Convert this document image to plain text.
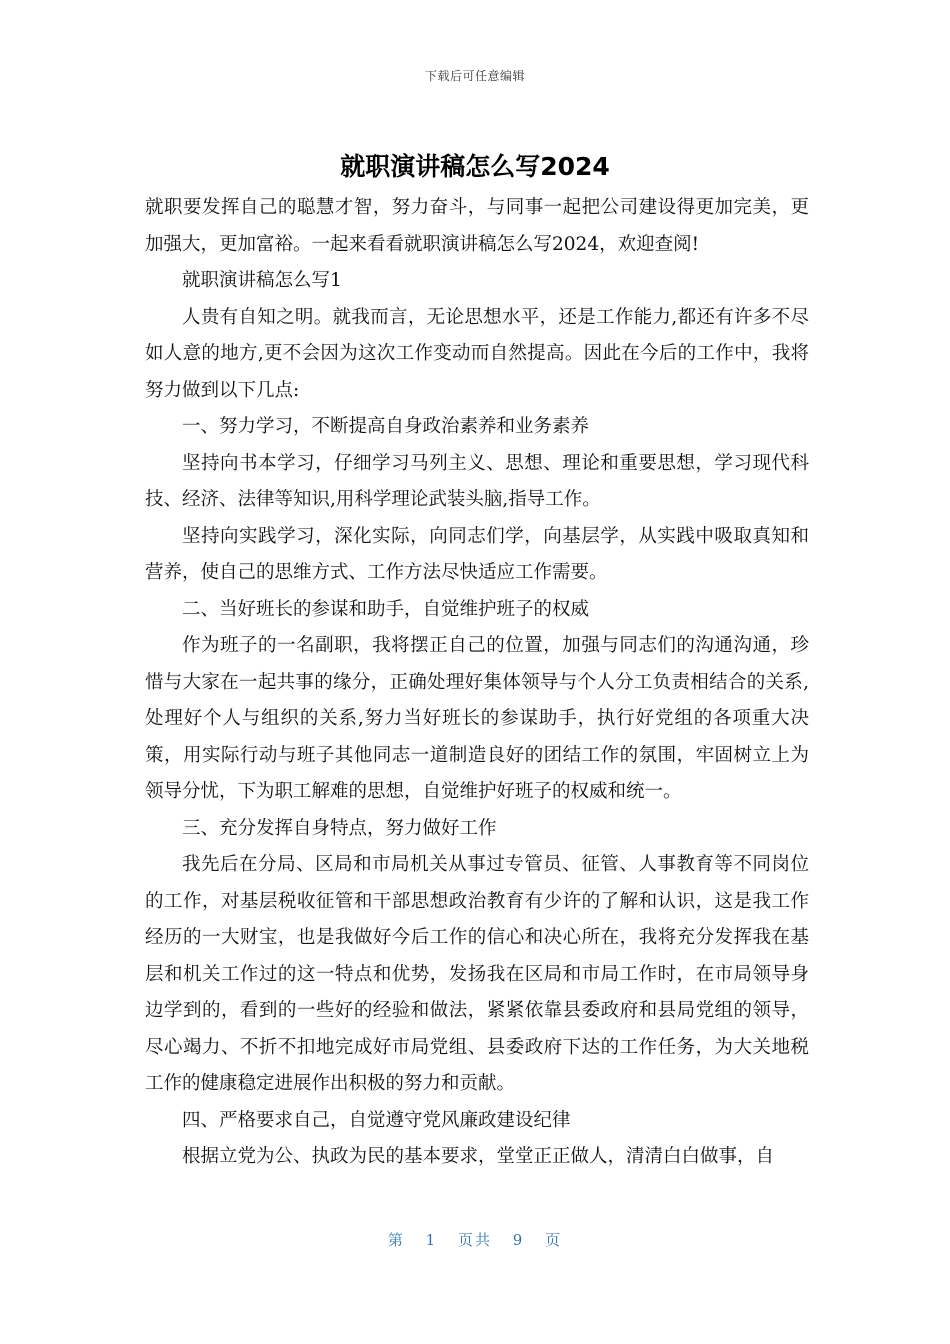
下载后可任意编辑
就职演讲稿怎么写2024

就职要发挥自己的聪慧才智，努力奋斗，与同事一起把公司建设得更加完美，更加强大，更加富裕。一起来看看就职演讲稿怎么写2024，欢迎查阅!

就职演讲稿怎么写1

人贵有自知之明。就我而言，无论思想水平，还是工作能力,都还有许多不尽如人意的地方,更不会因为这次工作变动而自然提高。因此在今后的工作中，我将努力做到以下几点:

一、努力学习，不断提高自身政治素养和业务素养

坚持向书本学习，仔细学习马列主义、思想、理论和重要思想，学习现代科技、经济、法律等知识,用科学理论武装头脑,指导工作。

坚持向实践学习，深化实际，向同志们学，向基层学，从实践中吸取真知和营养，使自己的思维方式、工作方法尽快适应工作需要。

二、当好班长的参谋和助手，自觉维护班子的权威

作为班子的一名副职，我将摆正自己的位置，加强与同志们的沟通沟通，珍惜与大家在一起共事的缘分，正确处理好集体领导与个人分工负责相结合的关系,处理好个人与组织的关系,努力当好班长的参谋助手，执行好党组的各项重大决策，用实际行动与班子其他同志一道制造良好的团结工作的氛围，牢固树立上为领导分忧，下为职工解难的思想，自觉维护好班子的权威和统一。

三、充分发挥自身特点，努力做好工作

我先后在分局、区局和市局机关从事过专管员、征管、人事教育等不同岗位的工作，对基层税收征管和干部思想政治教育有少许的了解和认识，这是我工作经历的一大财宝，也是我做好今后工作的信心和决心所在，我将充分发挥我在基层和机关工作过的这一特点和优势，发扬我在区局和市局工作时，在市局领导身边学到的，看到的一些好的经验和做法，紧紧依靠县委政府和县局党组的领导，尽心竭力、不折不扣地完成好市局党组、县委政府下达的工作任务，为大关地税工作的健康稳定进展作出积极的努力和贡献。

四、严格要求自己，自觉遵守党风廉政建设纪律

根据立党为公、执政为民的基本要求，堂堂正正做人，清清白白做事，自

第 1 页共 9 页
